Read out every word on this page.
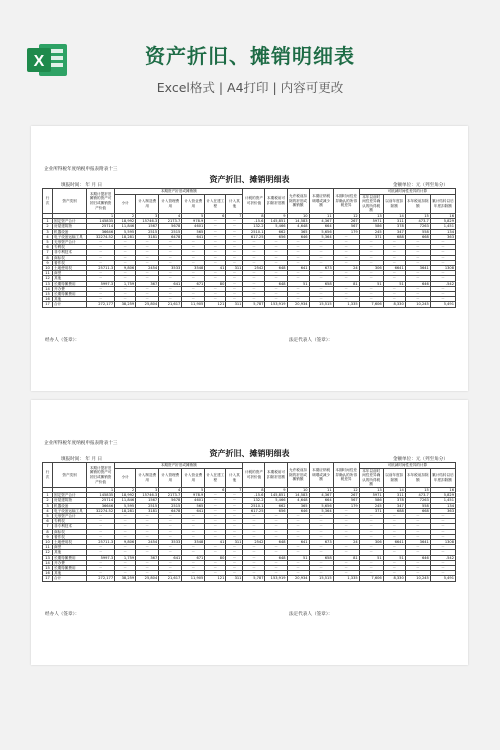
X	资产折旧、摊销明细表
Excel格式 | A4打印 | 内容可更改
企业所得税年度纳税申报表附表十三
资产折旧、摊销明细表
填报时间： 年 月 日	金额单位：元（列至角分）
行次	资产类别	本期计提折旧摊销的资产可折旧或摊销资产价值	本期资产折旧或摊销额						计税的资产可折价值	本期税前可扣除折旧额	允许税前扣除的折旧或摊销额	本期应纳税调增或减少额	本期时间性差异确认的所得税差异	可抵减时间性差异的计算			
			小计	计入制造费用	计入管理费用	计入营业费用	计入在建工程	计入其他						本年以前时间性差异确认的所得税额	以前年度扣除额	本年税前扣除额	累计结转以后年度扣除额
		1	2	3	4	5	6	7	8	9	10	11	12	13	14	15	16
1	固定资产合计	145835	18,992	15746.3	2173.7	978.9	－	－	-15.6	145,851	14,583	4,367	267	5971	311	473.7	5,829
2	房屋建筑物	25714	11,846	1567	5678	4601	－	－	132.2	5,466	4,648	664	567	586	378	7263	1,451
3	机器设备	36646	5,595	2515	2515	565	－	－	2510.1	662	365	5,656	179	245	347	558	134
4	电子设备运输工具	32274.52	18,281	3181	6478	641	－	－	617.25	656	646	5,364	－	371	688	668	363
5	无形资产合计	－	－	－	－	－	－	－	－	－	－	－	－	－	－	－	－
6	专利权	－	－	－	－	－	－	－	－	－	－	－	－	－	－	－	－
7	非专利技术	－	－	－	－	－	－	－	－	－	－	－	－	－	－	－	－
8	商标权	－	－	－	－	－	－	－	－	－	－	－	－	－	－	－	－
9	著作权	－	－	－	－	－	－	－	－	－	－	－	－	－	－	－	－
10	土地使用权	25711.3	9,806	2454	3533	3548	41	311	2542	648	641	673	24	306	6641	3641	1308
11	商誉	－	－	－	－	－	－	－	－	－	－	－	－	－	－	－	－
12	其他	－	－	－	－	－	－	－	－	－	－	－	－	－	－	－	－
13	长期待摊费用	5997.3	1,759	367	641	671	80	－	－	648	51	658	81	51	51	646	-542
14	开办费	－	－	－	－	－	－	－	－	－	－	－	－	－	－	－	－
15	长期待摊费用	－	－	－	－	－	－	－	－	－	－	－	－	－	－	－	－
16	其他	－	－	－	－	－	－	－	－	－	－	－	－	－	－	－	－
17	合计	272,177	38,259	25,804	21,617	11,905	121	311	5,787	153,919	20,934	15,515	1,335	7,606	8,330	10,245	5,491
经办人（签章）：	法定代表人（签章）：
企业所得税年度纳税申报表附表十三
资产折旧、摊销明细表
填报时间： 年 月 日	金额单位：元（列至角分）
行次	资产类别	本期计提折旧摊销的资产可折旧或摊销资产价值	本期资产折旧或摊销额						计税的资产可折价值	本期税前可扣除折旧额	允许税前扣除的折旧或摊销额	本期应纳税调增或减少额	本期时间性差异确认的所得税差异	可抵减时间性差异的计算			
			小计	计入制造费用	计入管理费用	计入营业费用	计入在建工程	计入其他						本年以前时间性差异确认的所得税额	以前年度扣除额	本年税前扣除额	累计结转以后年度扣除额
		1	2	3	4	5	6	7	8	9	10	11	12	13	14	15	16
1	固定资产合计	145835	18,992	15746.3	2173.7	978.9	－	－	-15.6	145,851	14,583	4,367	267	5971	311	473.7	5,829
2	房屋建筑物	25714	11,846	1567	5678	4601	－	－	132.2	5,466	4,648	664	567	586	378	7263	1,451
3	机器设备	36646	5,595	2515	2515	565	－	－	2510.1	662	365	5,656	179	245	347	558	134
4	电子设备运输工具	32274.52	18,281	3181	6478	641	－	－	617.25	656	646	5,364	－	371	688	668	363
5	无形资产合计	－	－	－	－	－	－	－	－	－	－	－	－	－	－	－	－
6	专利权	－	－	－	－	－	－	－	－	－	－	－	－	－	－	－	－
7	非专利技术	－	－	－	－	－	－	－	－	－	－	－	－	－	－	－	－
8	商标权	－	－	－	－	－	－	－	－	－	－	－	－	－	－	－	－
9	著作权	－	－	－	－	－	－	－	－	－	－	－	－	－	－	－	－
10	土地使用权	25711.3	9,806	2454	3533	3548	41	311	2542	648	641	673	24	306	6641	3641	1308
11	商誉	－	－	－	－	－	－	－	－	－	－	－	－	－	－	－	－
12	其他	－	－	－	－	－	－	－	－	－	－	－	－	－	－	－	－
13	长期待摊费用	5997.3	1,759	367	641	671	80	－	－	648	51	658	81	51	51	646	-542
14	开办费	－	－	－	－	－	－	－	－	－	－	－	－	－	－	－	－
15	长期待摊费用	－	－	－	－	－	－	－	－	－	－	－	－	－	－	－	－
16	其他	－	－	－	－	－	－	－	－	－	－	－	－	－	－	－	－
17	合计	272,177	38,259	25,804	21,617	11,905	121	311	5,787	153,919	20,934	15,515	1,335	7,606	8,330	10,245	5,491
经办人（签章）：	法定代表人（签章）：
